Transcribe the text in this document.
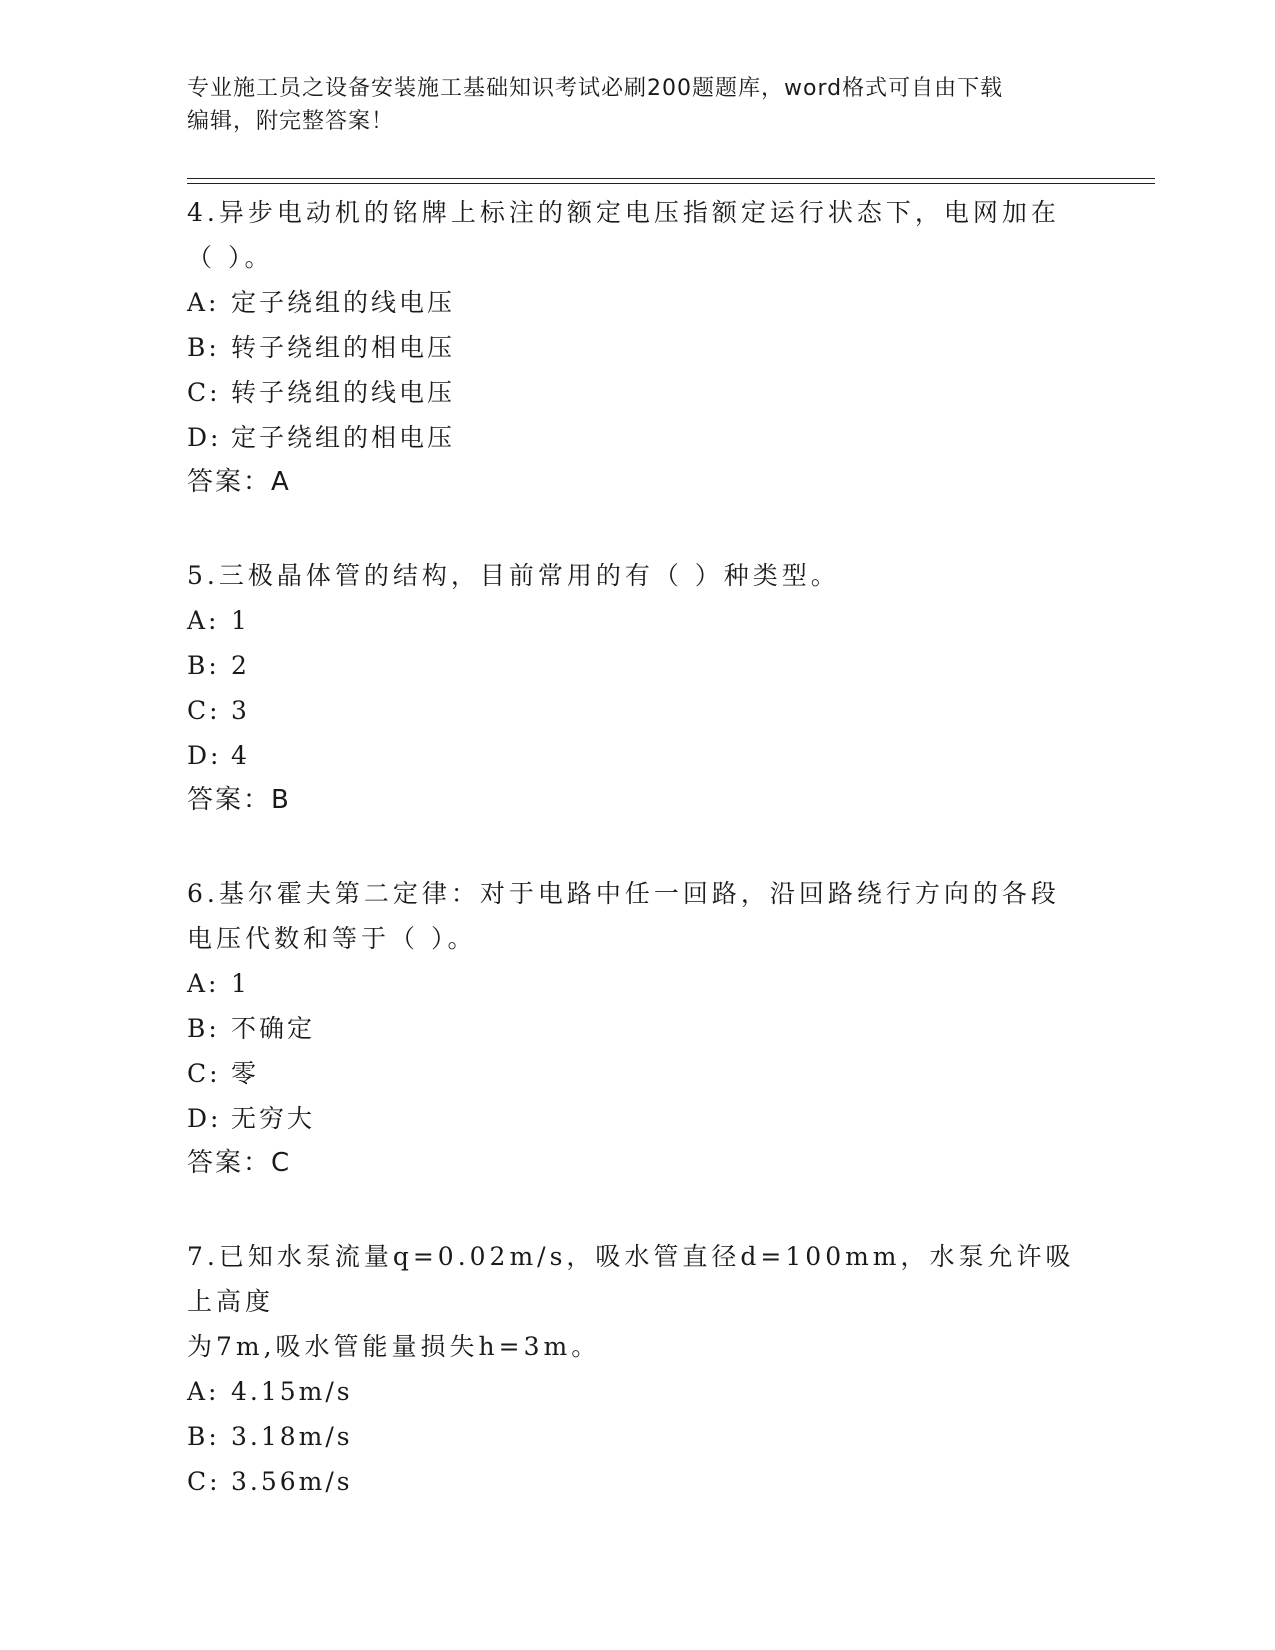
专业施工员之设备安装施工基础知识考试必刷200题题库，word格式可自由下载
编辑，附完整答案！

4.异步电动机的铭牌上标注的额定电压指额定运行状态下，电网加在

（ ）。

A: 定子绕组的线电压
B: 转子绕组的相电压
C: 转子绕组的线电压
D: 定子绕组的相电压
答案：A

5.三极晶体管的结构，目前常用的有（ ）种类型。

A: 1
B: 2
C: 3
D: 4
答案：B

6.基尔霍夫第二定律：对于电路中任一回路，沿回路绕行方向的各段

电压代数和等于（ ）。

A: 1
B: 不确定
C: 零
D: 无穷大
答案：C

7.已知水泵流量q=0.02m/s，吸水管直径d=100mm，水泵允许吸上高度

为7m,吸水管能量损失h=3m。

A: 4.15m/s
B: 3.18m/s
C: 3.56m/s
